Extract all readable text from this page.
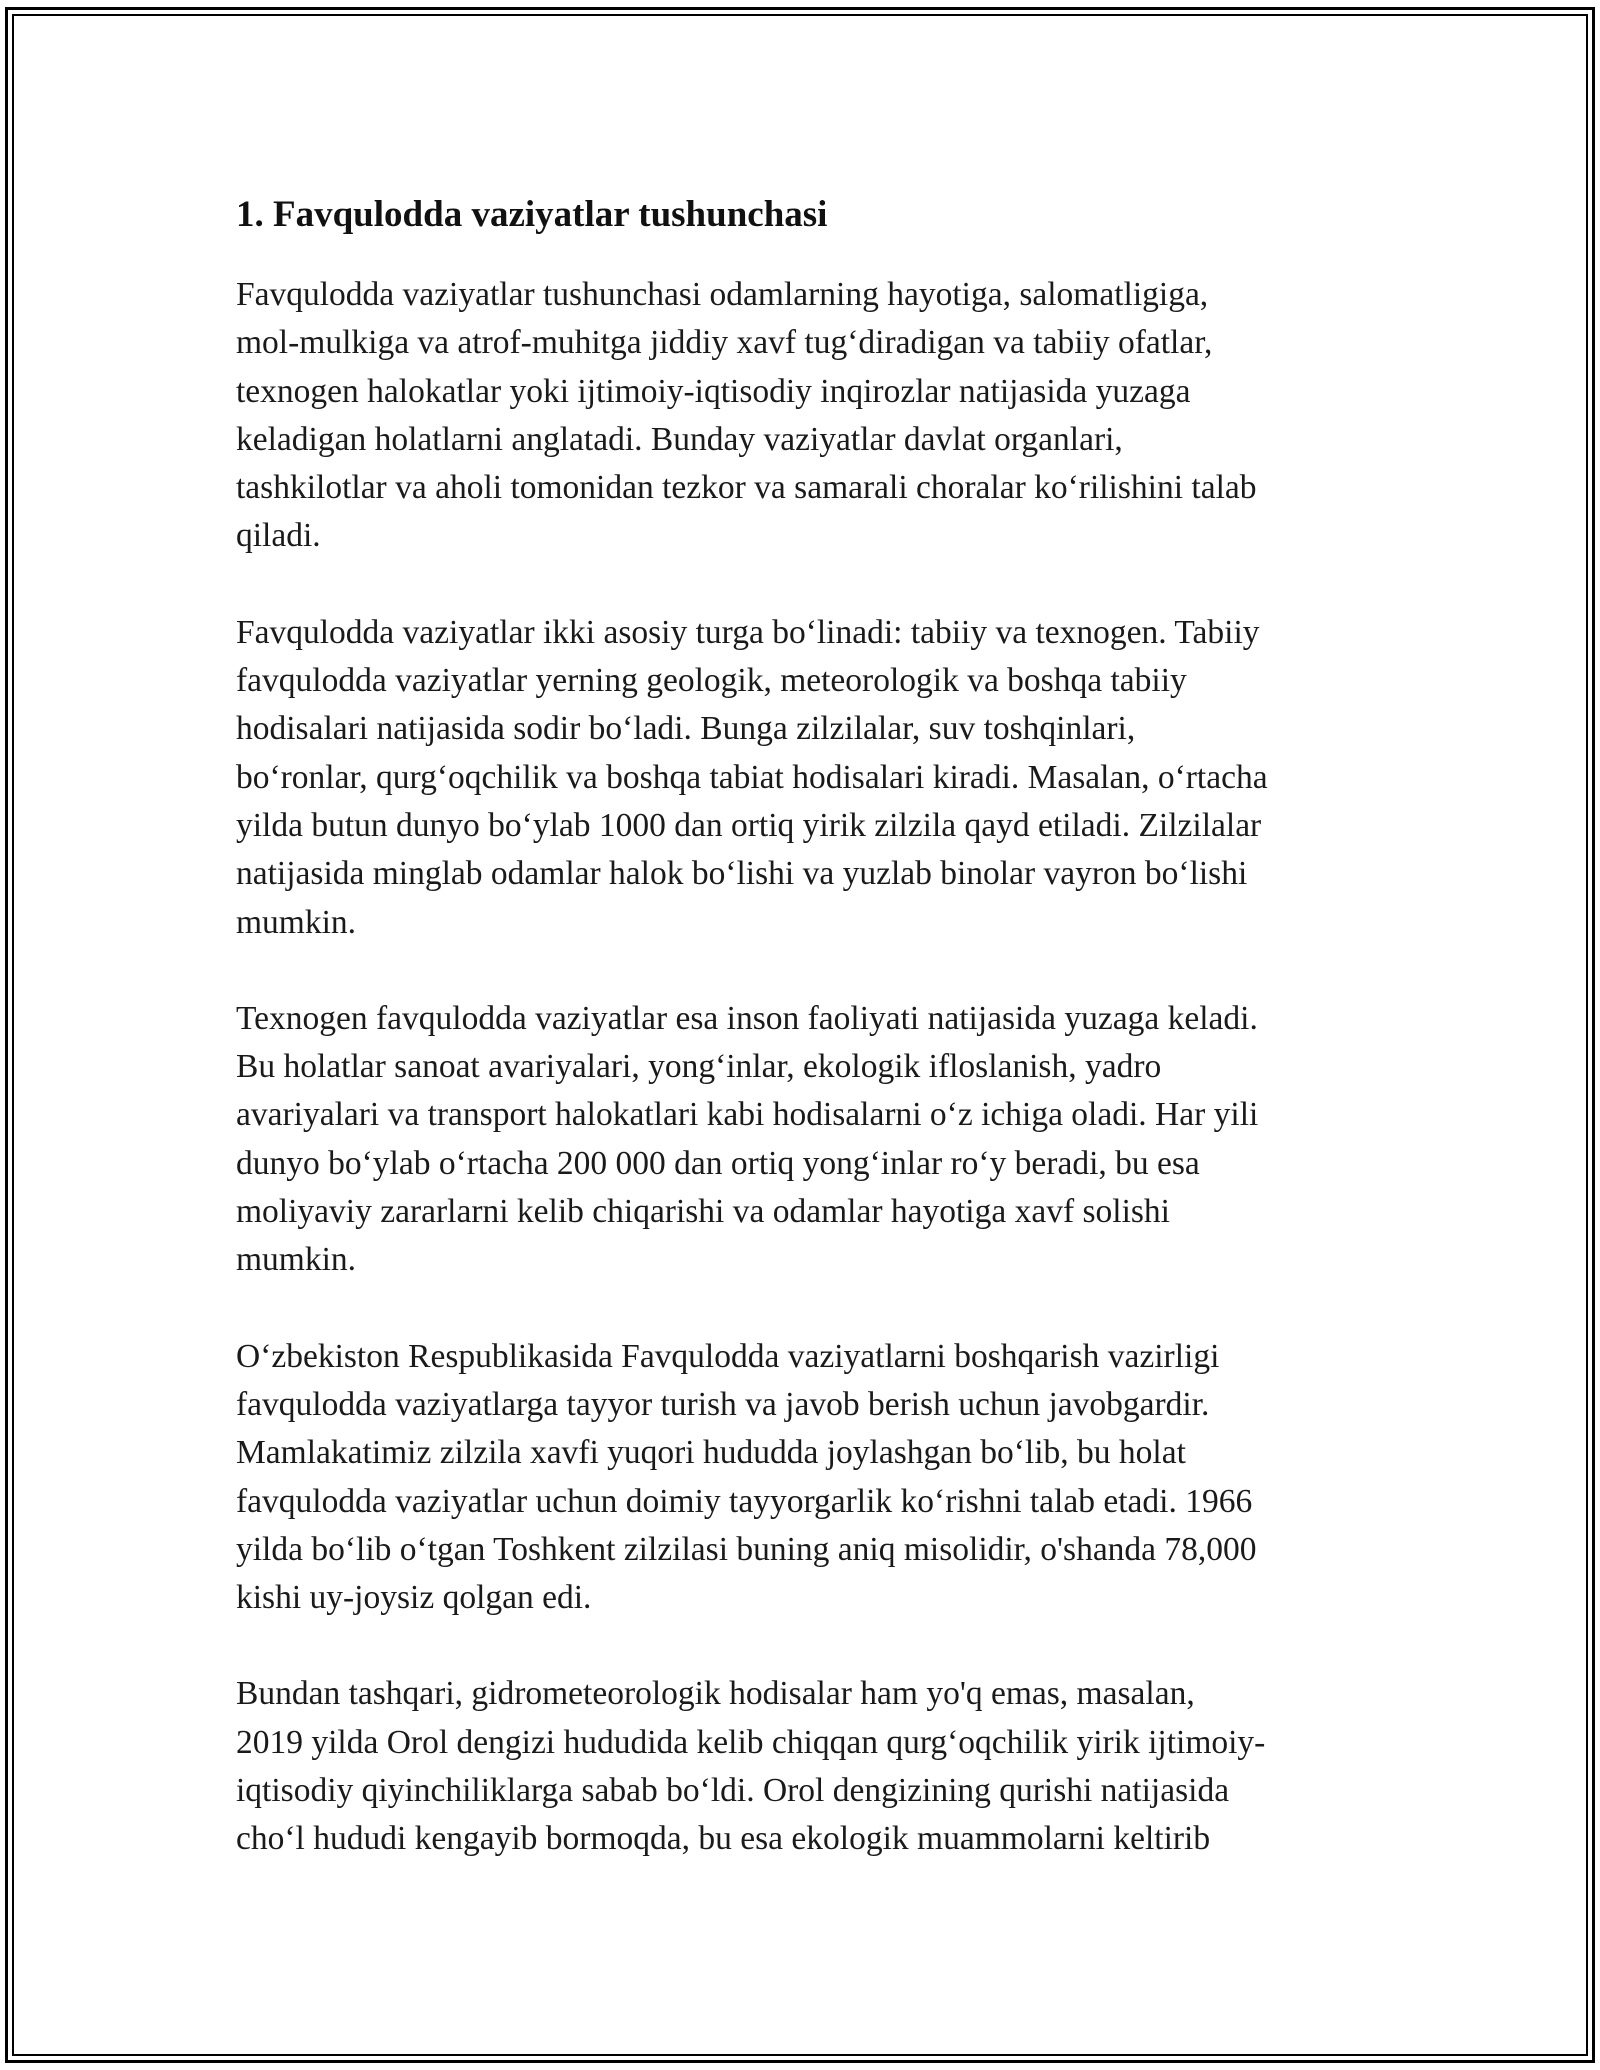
1. Favqulodda vaziyatlar tushunchasi

Favqulodda vaziyatlar tushunchasi odamlarning hayotiga, salomatligiga,
mol-mulkiga va atrof-muhitga jiddiy xavf tug‘diradigan va tabiiy ofatlar,
texnogen halokatlar yoki ijtimoiy-iqtisodiy inqirozlar natijasida yuzaga
keladigan holatlarni anglatadi. Bunday vaziyatlar davlat organlari,
tashkilotlar va aholi tomonidan tezkor va samarali choralar ko‘rilishini talab
qiladi.

Favqulodda vaziyatlar ikki asosiy turga bo‘linadi: tabiiy va texnogen. Tabiiy
favqulodda vaziyatlar yerning geologik, meteorologik va boshqa tabiiy
hodisalari natijasida sodir bo‘ladi. Bunga zilzilalar, suv toshqinlari,
bo‘ronlar, qurg‘oqchilik va boshqa tabiat hodisalari kiradi. Masalan, o‘rtacha
yilda butun dunyo bo‘ylab 1000 dan ortiq yirik zilzila qayd etiladi. Zilzilalar
natijasida minglab odamlar halok bo‘lishi va yuzlab binolar vayron bo‘lishi
mumkin.

Texnogen favqulodda vaziyatlar esa inson faoliyati natijasida yuzaga keladi.
Bu holatlar sanoat avariyalari, yong‘inlar, ekologik ifloslanish, yadro
avariyalari va transport halokatlari kabi hodisalarni o‘z ichiga oladi. Har yili
dunyo bo‘ylab o‘rtacha 200 000 dan ortiq yong‘inlar ro‘y beradi, bu esa
moliyaviy zararlarni kelib chiqarishi va odamlar hayotiga xavf solishi
mumkin.

O‘zbekiston Respublikasida Favqulodda vaziyatlarni boshqarish vazirligi
favqulodda vaziyatlarga tayyor turish va javob berish uchun javobgardir.
Mamlakatimiz zilzila xavfi yuqori hududda joylashgan bo‘lib, bu holat
favqulodda vaziyatlar uchun doimiy tayyorgarlik ko‘rishni talab etadi. 1966
yilda bo‘lib o‘tgan Toshkent zilzilasi buning aniq misolidir, o'shanda 78,000
kishi uy-joysiz qolgan edi.

Bundan tashqari, gidrometeorologik hodisalar ham yo'q emas, masalan,
2019 yilda Orol dengizi hududida kelib chiqqan qurg‘oqchilik yirik ijtimoiy-
iqtisodiy qiyinchiliklarga sabab bo‘ldi. Orol dengizining qurishi natijasida
cho‘l hududi kengayib bormoqda, bu esa ekologik muammolarni keltirib
